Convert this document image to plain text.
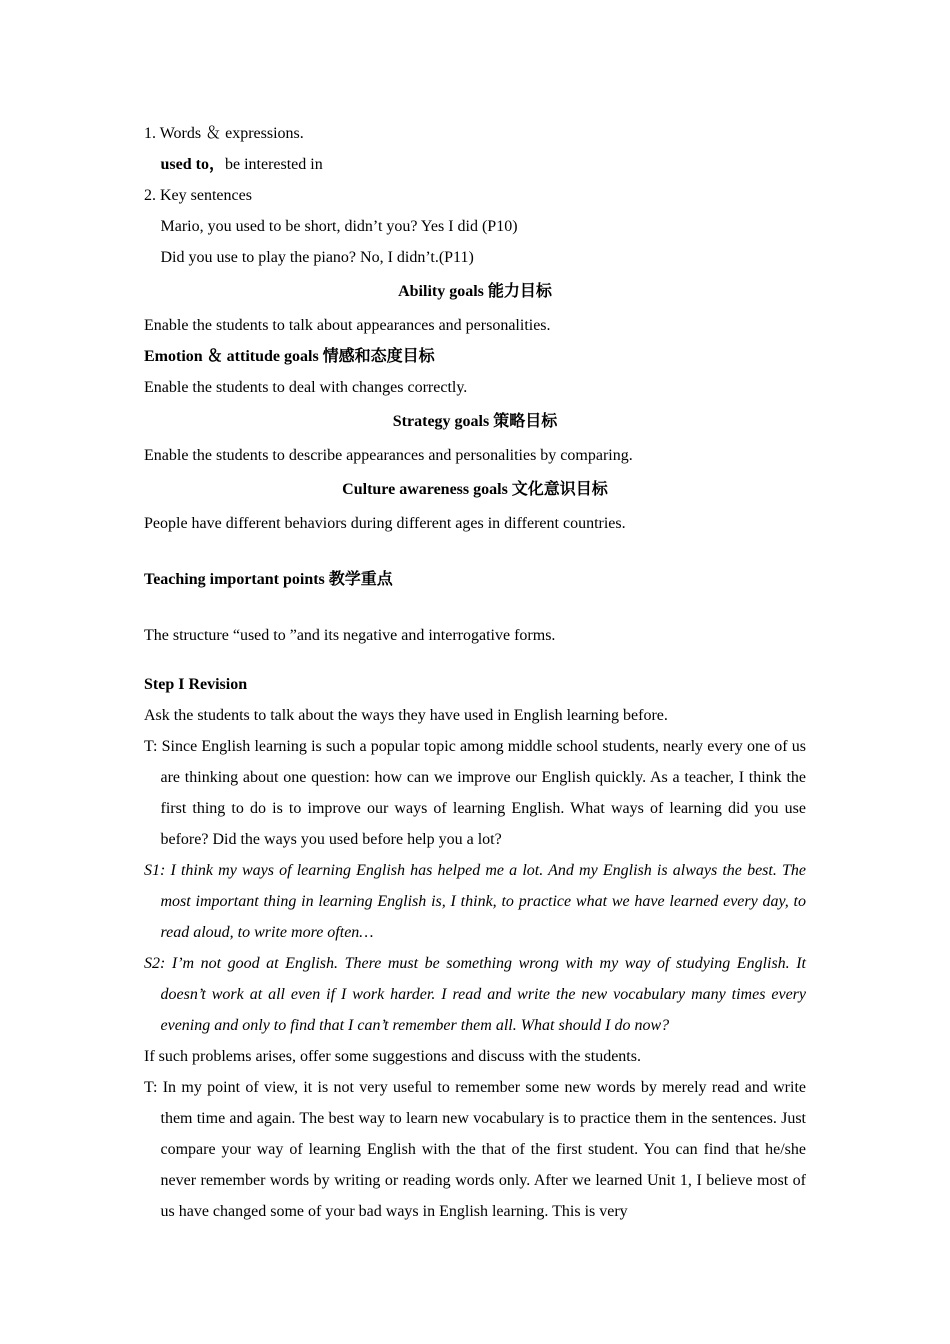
1. Words ＆ expressions.
used to，be interested in
2. Key sentences
Mario, you used to be short, didn’t you? Yes I did (P10)
Did you use to play the piano? No, I didn’t.(P11)
Ability goals 能力目标
Enable the students to talk about appearances and personalities.
Emotion ＆ attitude goals 情感和态度目标
Enable the students to deal with changes correctly.
Strategy goals 策略目标
Enable the students to describe appearances and personalities by comparing.
Culture awareness goals 文化意识目标
People have different behaviors during different ages in different countries.
Teaching important points 教学重点
The structure “used to ”and its negative and interrogative forms.
Step I Revision
Ask the students to talk about the ways they have used in English learning before.
T: Since English learning is such a popular topic among middle school students, nearly every one of us are thinking about one question: how can we improve our English quickly. As a teacher, I think the first thing to do is to improve our ways of learning English. What ways of learning did you use before? Did the ways you used before help you a lot?
S1: I think my ways of learning English has helped me a lot. And my English is always the best. The most important thing in learning English is, I think, to practice what we have learned every day, to read aloud, to write more often…
S2: I’m not good at English. There must be something wrong with my way of studying English. It doesn’t work at all even if I work harder. I read and write the new vocabulary many times every evening and only to find that I can’t remember them all. What should I do now?
If such problems arises, offer some suggestions and discuss with the students.
T: In my point of view, it is not very useful to remember some new words by merely read and write them time and again. The best way to learn new vocabulary is to practice them in the sentences. Just compare your way of learning English with the that of the first student. You can find that he/she never remember words by writing or reading words only. After we learned Unit 1, I believe most of us have changed some of your bad ways in English learning. This is very
